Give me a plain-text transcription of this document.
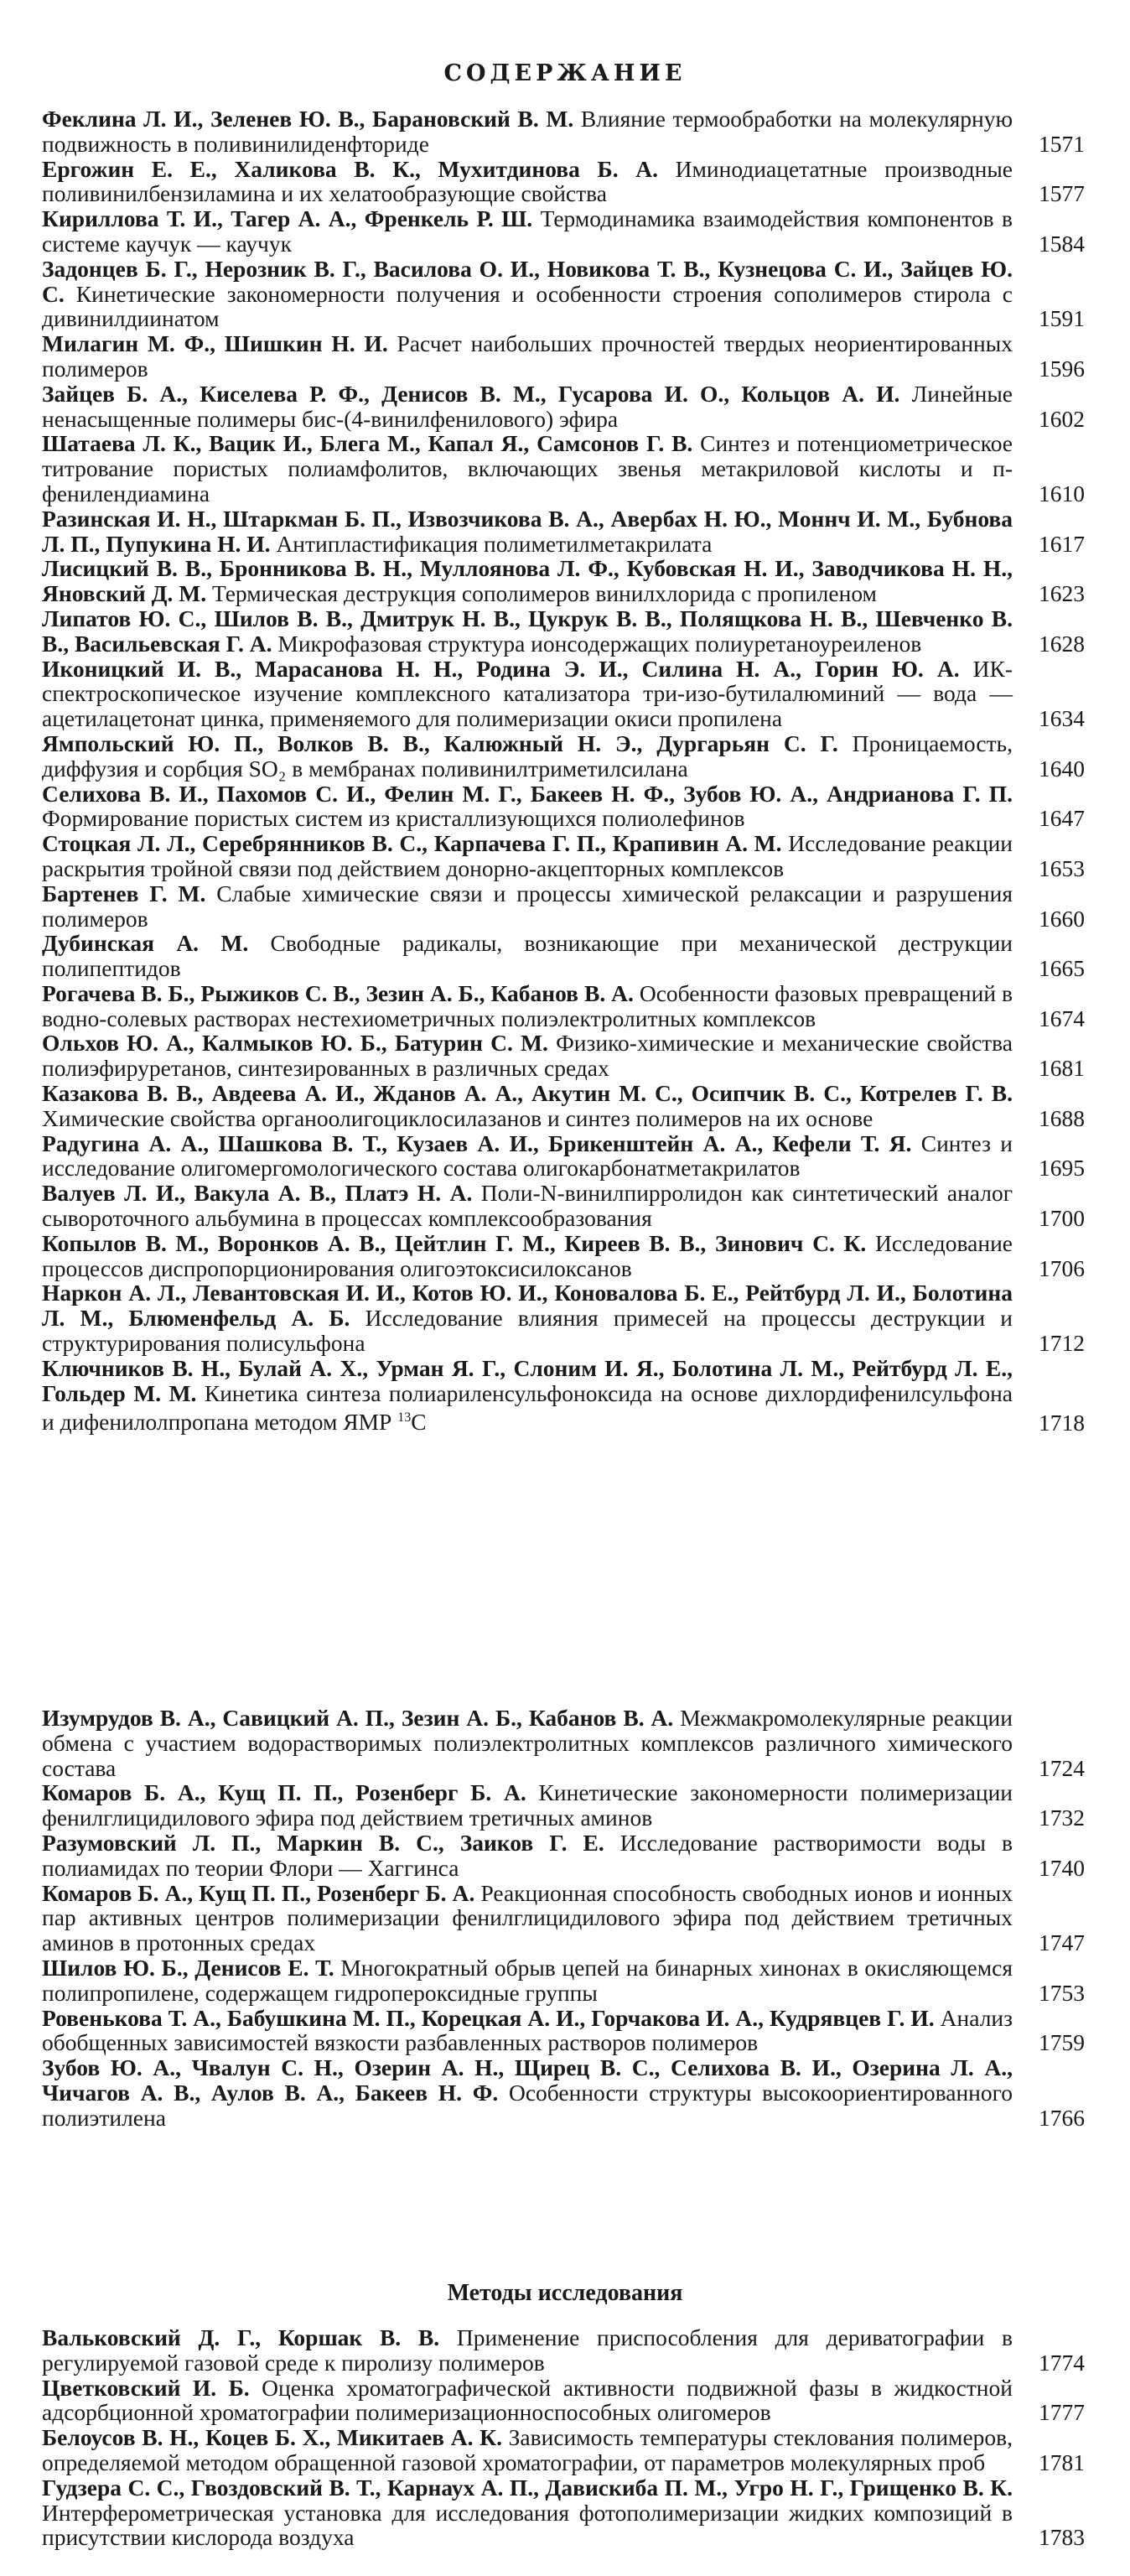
СОДЕРЖАНИЕ
Феклина Л. И., Зеленев Ю. В., Барановский В. М. Влияние термообработки на молекулярную подвижность в поливинилиденфториде	1571
Ергожин Е. Е., Халикова В. К., Мухитдинова Б. А. Иминодиацетатные производные поливинилбензиламина и их хелатообразующие свойства	1577
Кириллова Т. И., Тагер А. А., Френкель Р. Ш. Термодинамика взаимодействия компонентов в системе каучук — каучук	1584
Задонцев Б. Г., Нерозник В. Г., Василова О. И., Новикова Т. В., Кузнецова С. И., Зайцев Ю. С. Кинетические закономерности получения и особенности строения сополимеров стирола с дивинилдиинатом	1591
Милагин М. Ф., Шишкин Н. И. Расчет наибольших прочностей твердых неориентированных полимеров	1596
Зайцев Б. А., Киселева Р. Ф., Денисов В. М., Гусарова И. О., Кольцов А. И. Линейные ненасыщенные полимеры бис-(4-винилфенилового) эфира	1602
Шатаева Л. К., Вацик И., Блега М., Капал Я., Самсонов Г. В. Синтез и потенциометрическое титрование пористых полиамфолитов, включающих звенья метакриловой кислоты и п-фенилендиамина	1610
Разинская И. Н., Штаркман Б. П., Извозчикова В. А., Авербах Н. Ю., Моннч И. М., Бубнова Л. П., Пупукина Н. И. Антипластификация полиметилметакрилата	1617
Лисицкий В. В., Бронникова В. Н., Муллоянова Л. Ф., Кубовская Н. И., Заводчикова Н. Н., Яновский Д. М. Термическая деструкция сополимеров винилхлорида с пропиленом	1623
Липатов Ю. С., Шилов В. В., Дмитрук Н. В., Цукрук В. В., Полящкова Н. В., Шевченко В. В., Васильевская Г. А. Микрофазовая структура ионсодержащих полиуретаноуреиленов	1628
Иконицкий И. В., Марасанова Н. Н., Родина Э. И., Силина Н. А., Горин Ю. А. ИК-спектроскопическое изучение комплексного катализатора три-изо-бутилалюминий — вода — ацетилацетонат цинка, применяемого для полимеризации окиси пропилена	1634
Ямпольский Ю. П., Волков В. В., Калюжный Н. Э., Дургарьян С. Г. Проницаемость, диффузия и сорбция SO₂ в мембранах поливинилтриметилсилана	1640
Селихова В. И., Пахомов С. И., Фелин М. Г., Бакеев Н. Ф., Зубов Ю. А., Андрианова Г. П. Формирование пористых систем из кристаллизующихся полиолефинов	1647
Стоцкая Л. Л., Серебрянников В. С., Карпачева Г. П., Крапивин А. М. Исследование реакции раскрытия тройной связи под действием донорно-акцепторных комплексов	1653
Бартенев Г. М. Слабые химические связи и процессы химической релаксации и разрушения полимеров	1660
Дубинская А. М. Свободные радикалы, возникающие при механической деструкции полипептидов	1665
Рогачева В. Б., Рыжиков С. В., Зезин А. Б., Кабанов В. А. Особенности фазовых превращений в водно-солевых растворах нестехиометричных полиэлектролитных комплексов	1674
Ольхов Ю. А., Калмыков Ю. Б., Батурин С. М. Физико-химические и механические свойства полиэфируретанов, синтезированных в различных средах	1681
Казакова В. В., Авдеева А. И., Жданов А. А., Акутин М. С., Осипчик В. С., Котрелев Г. В. Химические свойства органоолигоциклосилазанов и синтез полимеров на их основе	1688
Радугина А. А., Шашкова В. Т., Кузаев А. И., Брикенштейн А. А., Кефели Т. Я. Синтез и исследование олигомергомологического состава олигокарбонатметакрилатов	1695
Валуев Л. И., Вакула А. В., Платэ Н. А. Поли-N-винилпирролидон как синтетический аналог сывороточного альбумина в процессах комплексообразования	1700
Копылов В. М., Воронков А. В., Цейтлин Г. М., Киреев В. В., Зинович С. К. Исследование процессов диспропорционирования олигоэтоксисилоксанов	1706
Наркон А. Л., Левантовская И. И., Котов Ю. И., Коновалова Б. Е., Рейтбурд Л. И., Болотина Л. М., Блюменфельд А. Б. Исследование влияния примесей на процессы деструкции и структурирования полисульфона	1712
Ключников В. Н., Булай А. Х., Урман Я. Г., Слоним И. Я., Болотина Л. М., Рейтбурд Л. Е., Гольдер М. М. Кинетика синтеза полиариленсульфоноксида на основе дихлордифенилсульфона и дифенилолпропана методом ЯМР $^{13}$C	1718
Изумрудов В. А., Савицкий А. П., Зезин А. Б., Кабанов В. А. Межмакромолекулярные реакции обмена с участием водорастворимых полиэлектролитных комплексов различного химического состава	1724
Комаров Б. А., Кущ П. П., Розенберг Б. А. Кинетические закономерности полимеризации фенилглицидилового эфира под действием третичных аминов	1732
Разумовский Л. П., Маркин В. С., Заиков Г. Е. Исследование растворимости воды в полиамидах по теории Флори — Хаггинса	1740
Комаров Б. А., Кущ П. П., Розенберг Б. А. Реакционная способность свободных ионов и ионных пар активных центров полимеризации фенилглицидилового эфира под действием третичных аминов в протонных средах	1747
Шилов Ю. Б., Денисов Е. Т. Многократный обрыв цепей на бинарных хинонах в окисляющемся полипропилене, содержащем гидропероксидные группы	1753
Ровенькова Т. А., Бабушкина М. П., Корецкая А. И., Горчакова И. А., Кудрявцев Г. И. Анализ обобщенных зависимостей вязкости разбавленных растворов полимеров	1759
Зубов Ю. А., Чвалун С. Н., Озерин А. Н., Щирец В. С., Селихова В. И., Озерина Л. А., Чичагов А. В., Аулов В. А., Бакеев Н. Ф. Особенности структуры высокоориентированного полиэтилена	1766
Методы исследования
Вальковский Д. Г., Коршак В. В. Применение приспособления для дериватографии в регулируемой газовой среде к пиролизу полимеров	1774
Цветковский И. Б. Оценка хроматографической активности подвижной фазы в жидкостной адсорбционной хроматографии полимеризационноспособных олигомеров	1777
Белоусов В. Н., Коцев Б. Х., Микитаев А. К. Зависимость температуры стеклования полимеров, определяемой методом обращенной газовой хроматографии, от параметров молекулярных проб	1781
Гудзера С. С., Гвоздовский В. Т., Карнаух А. П., Давискиба П. М., Угро Н. Г., Грищенко В. К. Интерферометрическая установка для исследования фотополимеризации жидких композиций в присутствии кислорода воздуха	1783
